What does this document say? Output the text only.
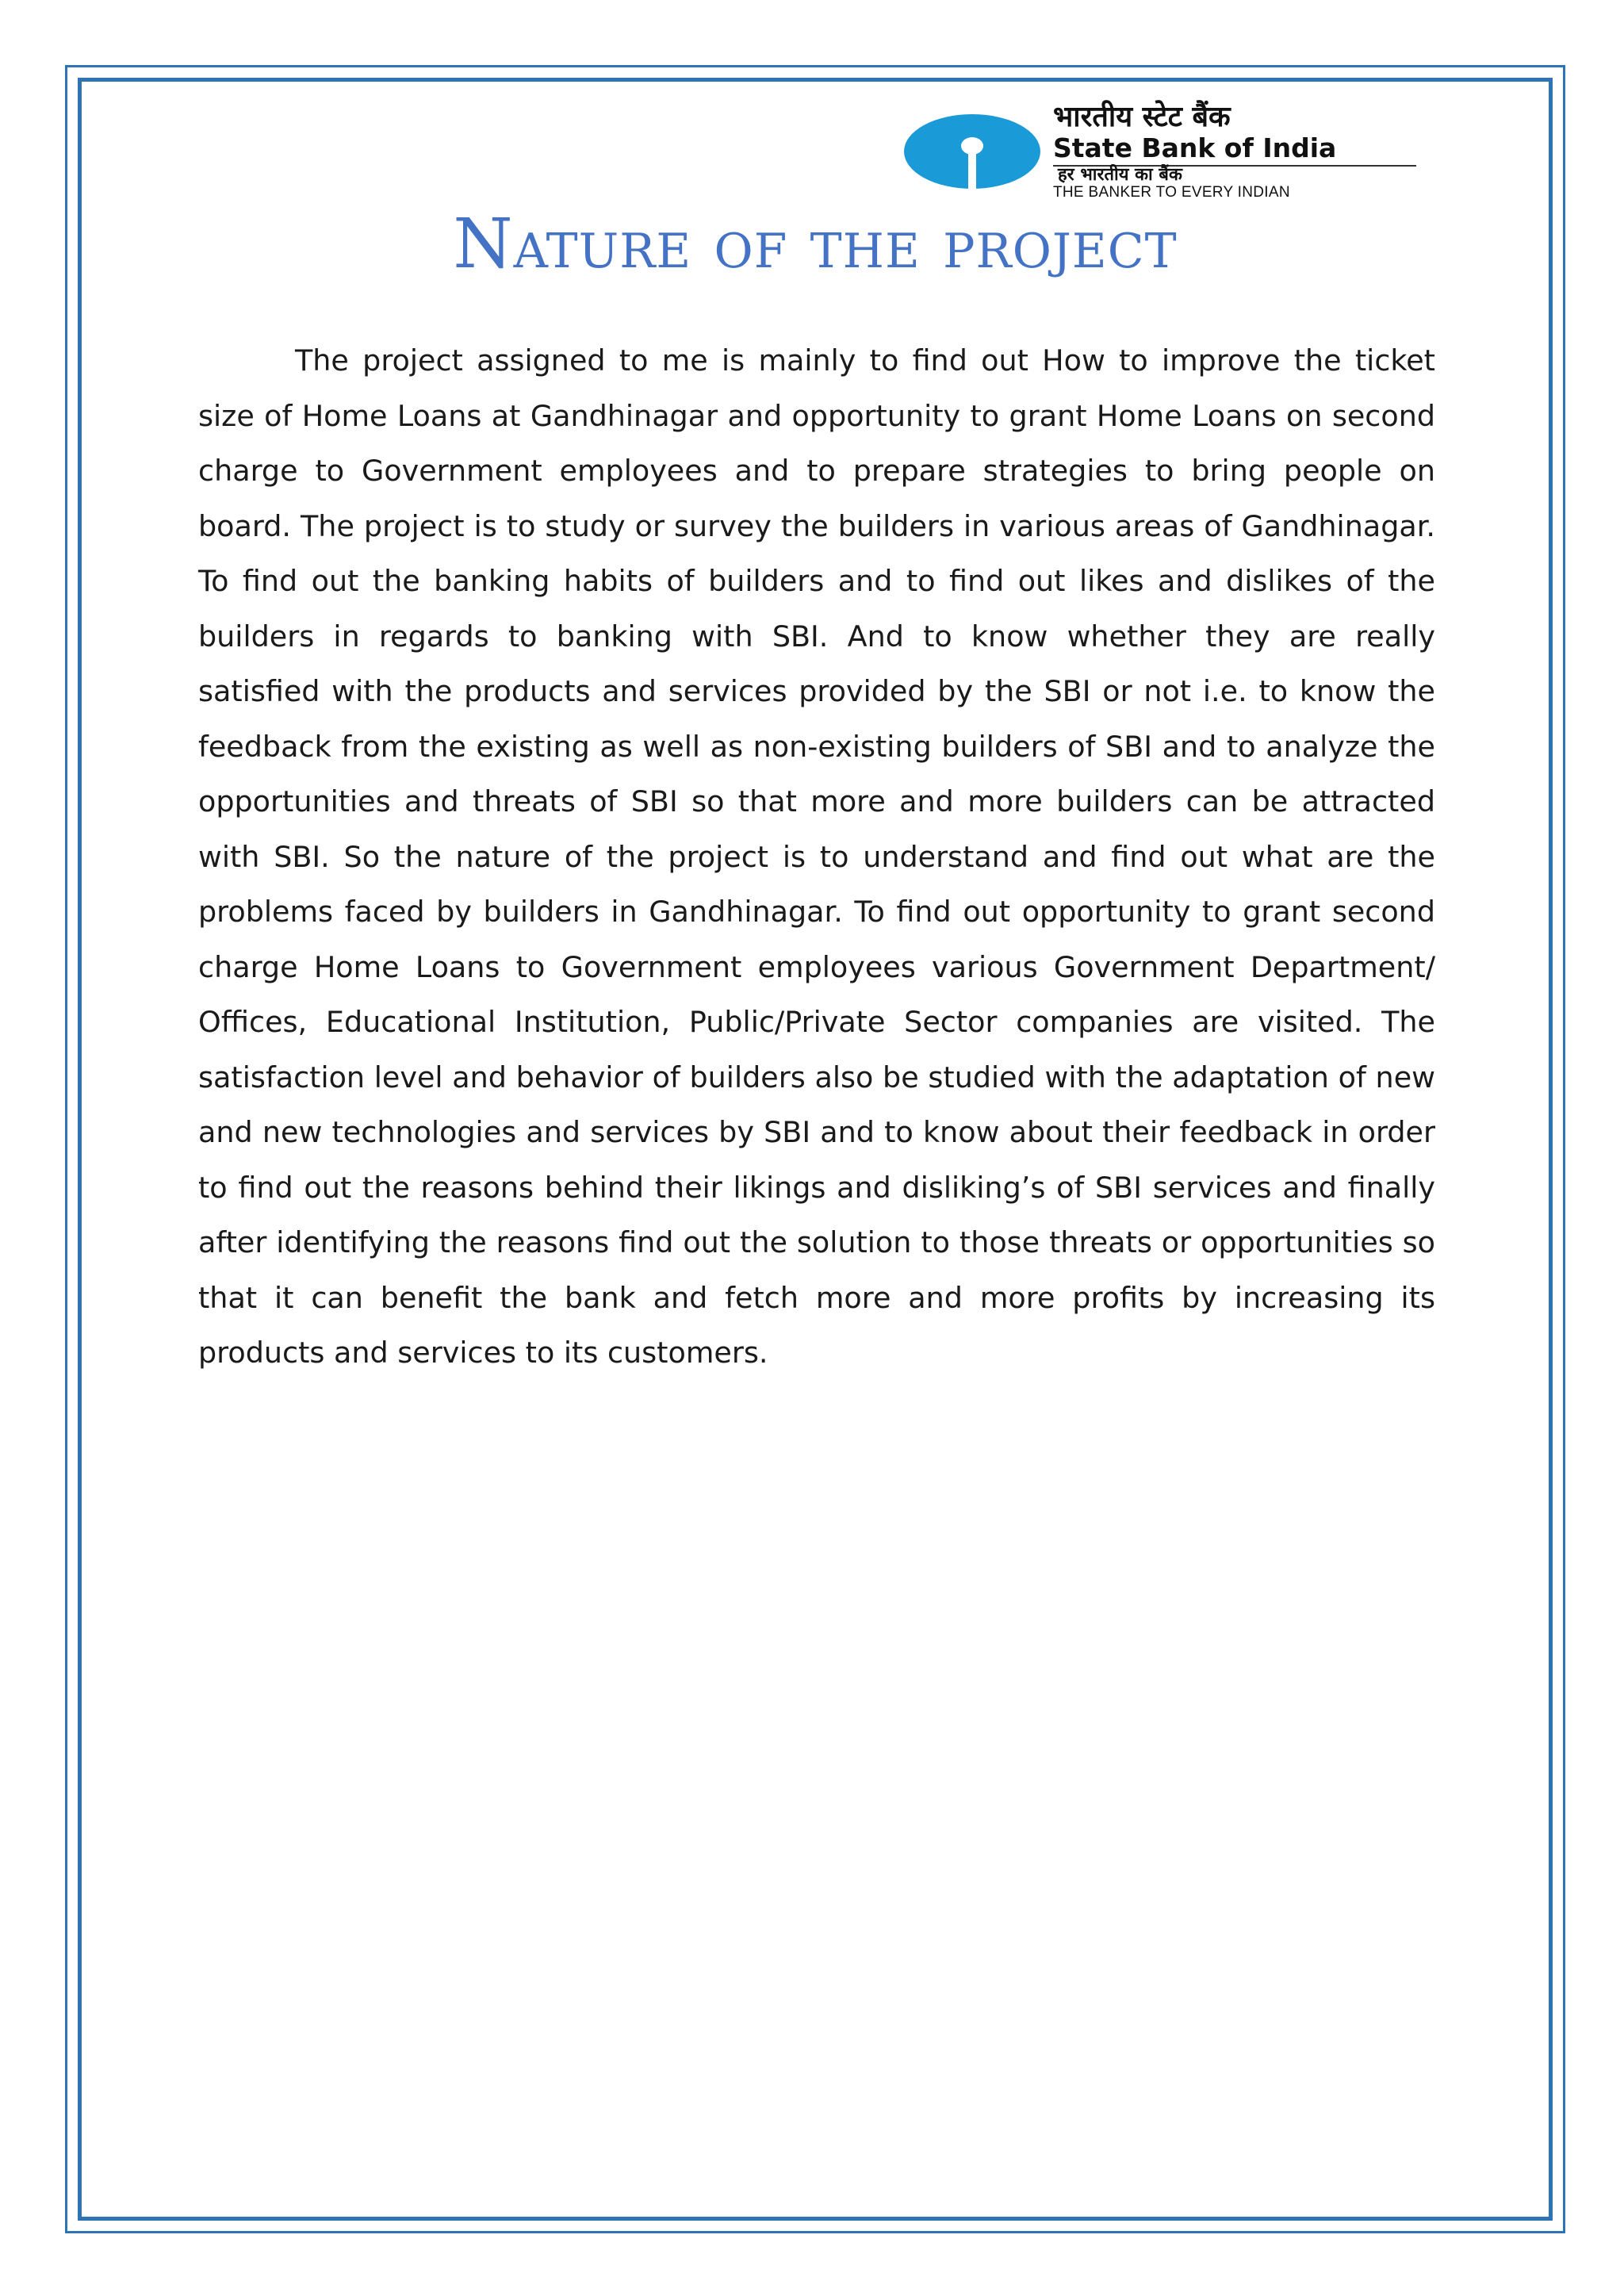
भारतीय स्टेट बैंक
State Bank of India
हर भारतीय का बैंक
THE BANKER TO EVERY INDIAN
Nature of the project

The project assigned to me is mainly to find out How to improve the ticket size of Home Loans at Gandhinagar and opportunity to grant Home Loans on second charge to Government employees and to prepare strategies to bring people on board. The project is to study or survey the builders in various areas of Gandhinagar. To find out the banking habits of builders and to find out likes and dislikes of the builders in regards to banking with SBI. And to know whether they are really satisfied with the products and services provided by the SBI or not i.e. to know the feedback from the existing as well as non-existing builders of SBI and to analyze the opportunities and threats of SBI so that more and more builders can be attracted with SBI. So the nature of the project is to understand and find out what are the problems faced by builders in Gandhinagar. To find out opportunity to grant second charge Home Loans to Government employees various Government Department/ Offices, Educational Institution, Public/Private Sector companies are visited. The satisfaction level and behavior of builders also be studied with the adaptation of new and new technologies and services by SBI and to know about their feedback in order to find out the reasons behind their likings and disliking’s of SBI services and finally after identifying the reasons find out the solution to those threats or opportunities so that it can benefit the bank and fetch more and more profits by increasing its products and services to its customers.
